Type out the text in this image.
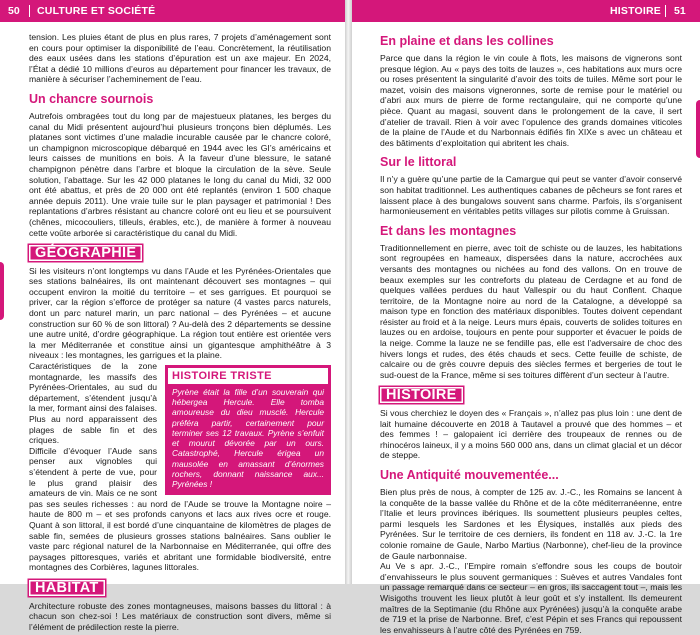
50 CULTURE ET SOCIÉTÉ

tension. Les pluies étant de plus en plus rares, 7 projets d’aménagement sont en cours pour optimiser la disponibilité de l’eau. Concrètement, la réutilisation des eaux usées dans les stations d’épuration est un axe majeur. En 2024, l’État a dédié 10 millions d’euros au département pour financer les travaux, de manière à sécuriser l’acheminement de l’eau.

Un chancre sournois

Autrefois ombragées tout du long par de majestueux platanes, les berges du canal du Midi présentent aujourd’hui plusieurs tronçons bien déplumés. Les platanes sont victimes d’une maladie incurable causée par le chancre coloré, un champignon microscopique débarqué en 1944 avec les GI’s américains et leurs caisses de munitions en bois. À la faveur d’une blessure, le satané champignon pénètre dans l’arbre et bloque la circulation de la sève. Seule solution, l’abattage. Sur les 42 000 platanes le long du canal du Midi, 32 000 ont été abattus, et près de 20 000 ont été replantés (environ 1 500 chaque année depuis 2011). Une vraie tuile sur le plan paysager et patrimonial ! Des replantations d’arbres résistant au chancre coloré ont eu lieu et se poursuivent (chênes, micocouliers, tilleuls, érables, etc.), de manière à former à nouveau cette voûte arborée si caractéristique du canal du Midi.

GÉOGRAPHIE

Si les visiteurs n’ont longtemps vu dans l’Aude et les Pyrénées-Orientales que ses stations balnéaires, ils ont maintenant découvert ses montagnes – qui occupent environ la moitié du territoire – et ses garrigues. Et pourquoi se priver, car la région s’efforce de protéger sa nature (4 vastes parcs naturels, dont un parc naturel marin, un parc national – des Pyrénées – et aucune construction sur 60 % de son littoral) ? Au-delà des 2 départements se dessine une autre unité, d’ordre géographique. La région tout entière est orientée vers la mer Méditerranée et constitue ainsi un gigantesque amphithéâtre à 3 niveaux : les montagnes, les garrigues et la plaine.

HISTOIRE TRISTE
Pyrène était la fille d’un souverain qui hébergea Hercule. Elle tomba amoureuse du dieu musclé. Hercule préféra partir, certainement pour terminer ses 12 travaux. Pyrène s’enfuit et mourut dévorée par un ours. Catastrophé, Hercule érigea un mausolée en amassant d’énormes rochers, donnant naissance aux... Pyrénées !

Caractéristiques de la zone montagnarde, les massifs des Pyrénées-Orientales, au sud du département, s’étendent jusqu’à la mer, formant ainsi des falaises. Plus au nord apparaissent des plages de sable fin et des criques.

Difficile d’évoquer l’Aude sans penser aux vignobles qui s’étendent à perte de vue, pour le plus grand plaisir des amateurs de vin. Mais ce ne sont pas ses seules richesses : au nord de l’Aude se trouve la Montagne noire – haute de 800 m – et ses profonds canyons et lacs aux rives ocre et rouge. Quant à son littoral, il est bordé d’une cinquantaine de kilomètres de plages de sable fin, semées de plusieurs grosses stations balnéaires. Sans oublier le vaste parc régional naturel de la Narbonnaise en Méditerranée, qui offre des paysages pittoresques, variés et abritant une formidable biodiversité, entre montagnes des Corbières, lagunes littorales.

HABITAT

Architecture robuste des zones montagneuses, maisons basses du littoral : à chacun son chez-soi ! Les matériaux de construction sont divers, même si l’élément de prédilection reste la pierre.

HISTOIRE 51
En plaine et dans les collines

Parce que dans la région le vin coule à flots, les maisons de vignerons sont presque légion. Au « pays des toits de lauzes », ces habitations aux murs ocre ou roses présentent la singularité d’avoir des toits de tuiles. Même sort pour le mazet, voisin des maisons vigneronnes, sorte de remise pour le matériel ou d’abri aux murs de pierre de forme rectangulaire, qui ne comporte qu’une pièce. Quant au magasi, souvent dans le prolongement de la cave, il sert d’atelier de travail. Rien à voir avec l’opulence des grands domaines viticoles de la plaine de l’Aude et du Narbonnais édifiés fin XIXe s avec un château et des bâtiments d’exploitation qui abritent les chais.

Sur le littoral

Il n’y a guère qu’une partie de la Camargue qui peut se vanter d’avoir conservé son habitat traditionnel. Les authentiques cabanes de pêcheurs se font rares et laissent place à des bungalows souvent sans charme. Parfois, ils s’organisent harmonieusement en véritables petits villages sur pilotis comme à Gruissan.

Et dans les montagnes

Traditionnellement en pierre, avec toit de schiste ou de lauzes, les habitations sont regroupées en hameaux, dispersées dans la nature, accrochées aux versants des montagnes ou nichées au fond des vallons. On en trouve de beaux exemples sur les contreforts du plateau de Cerdagne et au fond de quelques vallées perdues du haut Vallespir ou du haut Conflent. Chaque territoire, de la Montagne noire au nord de la Catalogne, a développé sa maison type en fonction des matériaux disponibles. Toutes doivent cependant résister au froid et à la neige. Leurs murs épais, couverts de solides toitures en lauzes ou en ardoise, toujours en pente pour supporter et évacuer le poids de la neige. Comme la lauze ne se fendille pas, elle est l’adversaire de choc des hivers longs et rudes, des étés chauds et secs. Cette feuille de schiste, de calcaire ou de grès couvre depuis des siècles fermes et bergeries de tout le sud-ouest de la France, même si ses toitures diffèrent d’un secteur à l’autre.

HISTOIRE

Si vous cherchiez le doyen des « Français », n’allez pas plus loin : une dent de lait humaine découverte en 2018 à Tautavel a prouvé que des hommes – et des femmes ! – galopaient ici derrière des troupeaux de rennes ou de rhinocéros laineux, il y a moins 560 000 ans, dans un climat glacial et un décor de steppe.

Une Antiquité mouvementée...

Bien plus près de nous, à compter de 125 av. J.-C., les Romains se lancent à la conquête de la basse vallée du Rhône et de la côte méditerranéenne, entre l’Italie et leurs provinces ibériques. Ils soumettent plusieurs peuples celtes, parmi lesquels les Sardones et les Élysiques, installés aux pieds des Pyrénées. Sur le territoire de ces derniers, ils fondent en 118 av. J.-C. la 1re colonie romaine de Gaule, Narbo Martius (Narbonne), chef-lieu de la province de Gaule narbonnaise.

Au Ve s apr. J.-C., l’Empire romain s’effondre sous les coups de boutoir d’envahisseurs le plus souvent germaniques : Suèves et autres Vandales font un passage remarqué dans ce secteur – en gros, ils saccagent tout –, mais les Wisigoths trouvent les lieux plutôt à leur goût et s’y installent. Ils demeurent maîtres de la Septimanie (du Rhône aux Pyrénées) jusqu’à la conquête arabe de 719 et la prise de Narbonne. Bref, c’est Pépin et ses Francs qui repoussent les envahisseurs à l’autre côté des Pyrénées en 759.
